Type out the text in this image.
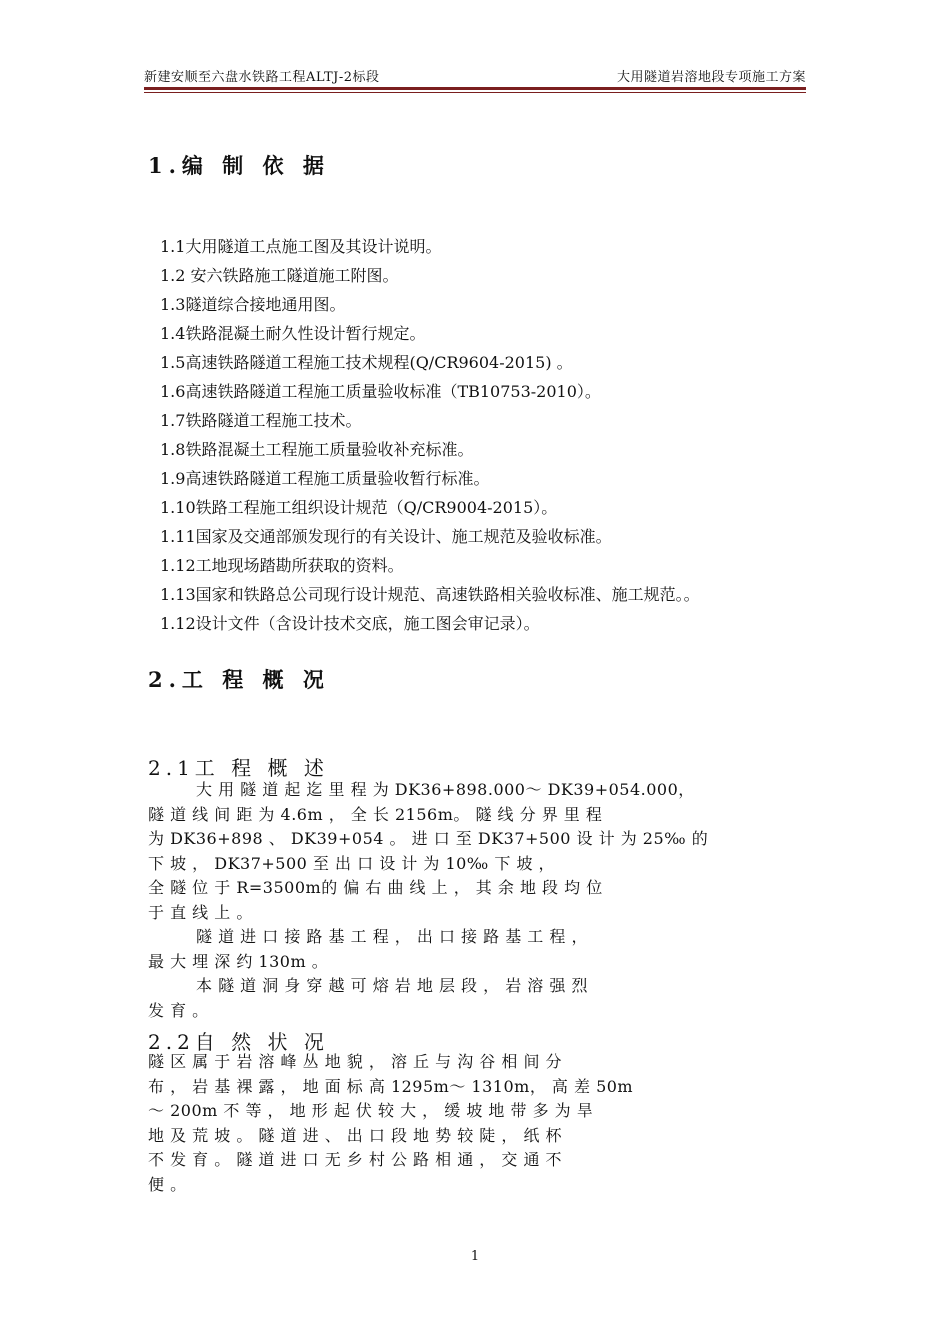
新建安顺至六盘水铁路工程ALTJ-2标段	大用隧道岩溶地段专项施工方案
1.编 制 依 据
1.1大用隧道工点施工图及其设计说明。
1.2 安六铁路施工隧道施工附图。
1.3隧道综合接地通用图。
1.4铁路混凝土耐久性设计暂行规定。
1.5高速铁路隧道工程施工技术规程(Q/CR9604-2015) 。
1.6高速铁路隧道工程施工质量验收标准（TB10753-2010）。
1.7铁路隧道工程施工技术。
1.8铁路混凝土工程施工质量验收补充标准。
1.9高速铁路隧道工程施工质量验收暂行标准。
1.10铁路工程施工组织设计规范（Q/CR9004-2015）。
1.11国家及交通部颁发现行的有关设计、施工规范及验收标准。
1.12工地现场踏勘所获取的资料。
1.13国家和铁路总公司现行设计规范、高速铁路相关验收标准、施工规范。。
1.12设计文件（含设计技术交底，施工图会审记录）。
2.工 程 概 况
2.1工 程 概 述
大 用 隧 道 起 迄 里 程 为 DK36+898.000～ DK39+054.000，
隧 道 线 间 距 为 4.6m ， 全 长 2156m。 隧 线 分 界 里 程
为 DK36+898 、 DK39+054 。 进 口 至 DK37+500 设 计 为 25‰ 的
下 坡 ， DK37+500 至 出 口 设 计 为 10‰ 下 坡 ，
全 隧 位 于 R=3500m的 偏 右 曲 线 上 ， 其 余 地 段 均 位
于 直 线 上 。
隧 道 进 口 接 路 基 工 程 ， 出 口 接 路 基 工 程 ，
最 大 埋 深 约 130m 。
本 隧 道 洞 身 穿 越 可 熔 岩 地 层 段 ， 岩 溶 强 烈
发 育 。
2.2自 然 状 况
隧 区 属 于 岩 溶 峰 丛 地 貌 ， 溶 丘 与 沟 谷 相 间 分
布 ， 岩 基 裸 露 ， 地 面 标 高 1295m～ 1310m， 高 差 50m
～ 200m 不 等 ， 地 形 起 伏 较 大 ， 缓 坡 地 带 多 为 旱
地 及 荒 坡 。 隧 道 进 、 出 口 段 地 势 较 陡 ， 纸 杯
不 发 育 。 隧 道 进 口 无 乡 村 公 路 相 通 ， 交 通 不
便 。
1
